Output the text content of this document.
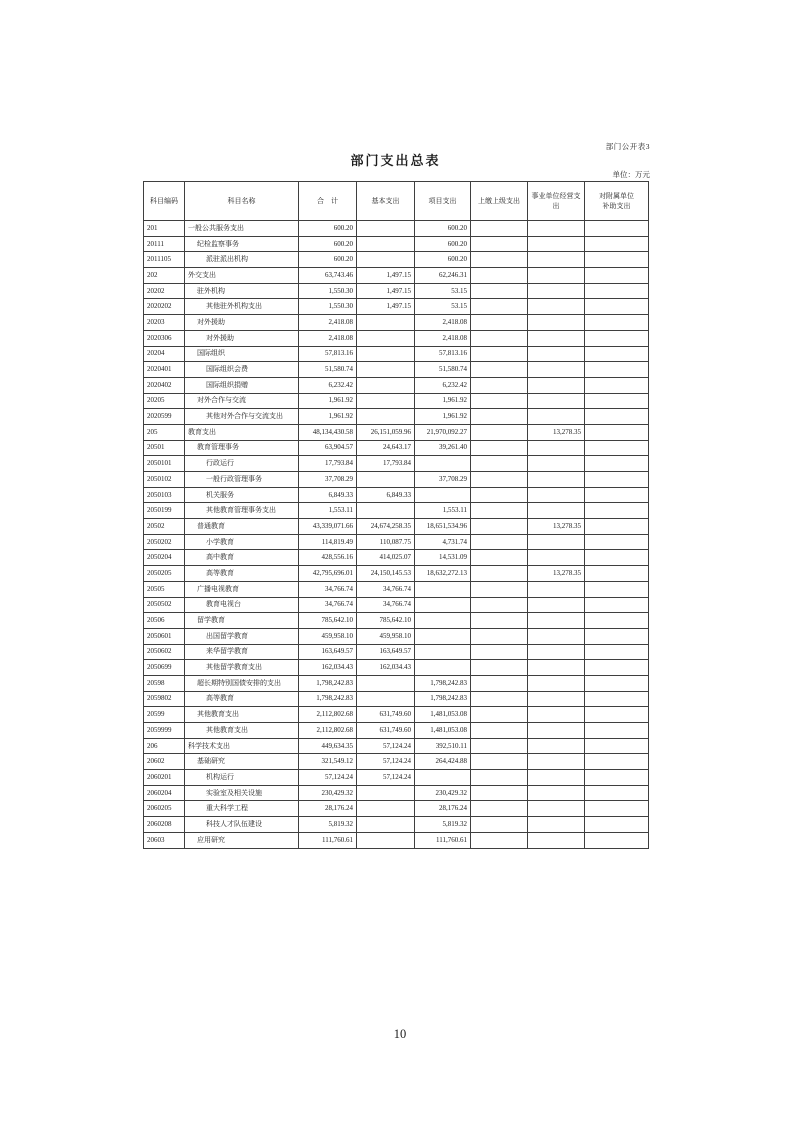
部门公开表3
部门支出总表
单位：万元
科目编码	科目名称	合　计	基本支出	项目支出	上缴上级支出	事业单位经营支出	对附属单位补助支出
201	一般公共服务支出	600.20		600.20			
20111	纪检监察事务	600.20		600.20			
2011105	派驻派出机构	600.20		600.20			
202	外交支出	63,743.46	1,497.15	62,246.31			
20202	驻外机构	1,550.30	1,497.15	53.15			
2020202	其他驻外机构支出	1,550.30	1,497.15	53.15			
20203	对外援助	2,418.08		2,418.08			
2020306	对外援助	2,418.08		2,418.08			
20204	国际组织	57,813.16		57,813.16			
2020401	国际组织会费	51,580.74		51,580.74			
2020402	国际组织捐赠	6,232.42		6,232.42			
20205	对外合作与交流	1,961.92		1,961.92			
2020599	其他对外合作与交流支出	1,961.92		1,961.92			
205	教育支出	48,134,430.58	26,151,059.96	21,970,092.27		13,278.35	
20501	教育管理事务	63,904.57	24,643.17	39,261.40			
2050101	行政运行	17,793.84	17,793.84				
2050102	一般行政管理事务	37,708.29		37,708.29			
2050103	机关服务	6,849.33	6,849.33				
2050199	其他教育管理事务支出	1,553.11		1,553.11			
20502	普通教育	43,339,071.66	24,674,258.35	18,651,534.96		13,278.35	
2050202	小学教育	114,819.49	110,087.75	4,731.74			
2050204	高中教育	428,556.16	414,025.07	14,531.09			
2050205	高等教育	42,795,696.01	24,150,145.53	18,632,272.13		13,278.35	
20505	广播电视教育	34,766.74	34,766.74				
2050502	教育电视台	34,766.74	34,766.74				
20506	留学教育	785,642.10	785,642.10				
2050601	出国留学教育	459,958.10	459,958.10				
2050602	来华留学教育	163,649.57	163,649.57				
2050699	其他留学教育支出	162,034.43	162,034.43				
20598	超长期特别国债安排的支出	1,798,242.83		1,798,242.83			
2059802	高等教育	1,798,242.83		1,798,242.83			
20599	其他教育支出	2,112,802.68	631,749.60	1,481,053.08			
2059999	其他教育支出	2,112,802.68	631,749.60	1,481,053.08			
206	科学技术支出	449,634.35	57,124.24	392,510.11			
20602	基础研究	321,549.12	57,124.24	264,424.88			
2060201	机构运行	57,124.24	57,124.24				
2060204	实验室及相关设施	230,429.32		230,429.32			
2060205	重大科学工程	28,176.24		28,176.24			
2060208	科技人才队伍建设	5,819.32		5,819.32			
20603	应用研究	111,760.61		111,760.61			
10
